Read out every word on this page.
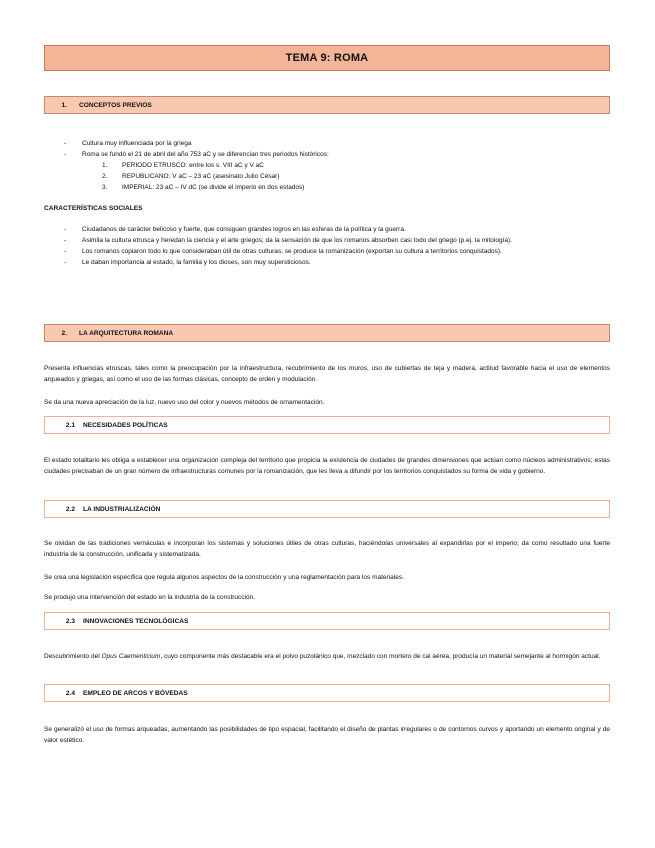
TEMA 9: ROMA
1. CONCEPTOS PREVIOS
- Cultura muy influenciada por la griega
- Roma se fundó el 21 de abril del año 753 aC y se diferencian tres periodos históricos:
1. PERIODO ETRUSCO: entre los s. VIII aC y V aC
2. REPUBLICANO: V aC – 23 aC (asesinato Julio César)
3. IMPERIAL: 23 aC – IV dC (se divide el imperio en dos estados)
CARACTERÍSTICAS SOCIALES
- Ciudadanos de carácter belicoso y fuerte, que consiguen grandes logros en las esferas de la política y la guerra.
- Asimila la cultura etrusca y heredan la ciencia y el arte griegos; da la sensación de que los romanos absorben casi todo del griego (p.ej. la mitología).
- Los romanos copiaron todo lo que consideraban útil de otras culturas; se produce la romanización (exportan su cultura a territorios conquistados).
- Le daban importancia al estado, la familia y los dioses, son muy supersticiosos.
2. LA ARQUITECTURA ROMANA

Presenta influencias etruscas, tales como la preocupación por la infraestructura, recubrimiento de los muros, uso de cubiertas de teja y madera, actitud favorable hacia el uso de elementos arqueados y griegas, así como el uso de las formas clásicas, concepto de orden y modulación.

Se da una nueva apreciación de la luz, nuevo uso del color y nuevos métodos de ornamentación.

2.1 NECESIDADES POLÍTICAS

El estado totalitario les obliga a establecer una organización compleja del territorio que propicia la existencia de ciudades de grandes dimensiones que actúan como núcleos administrativos; estas ciudades precisaban de un gran número de infraestructuras comunes por la romanización, que les lleva a difundir por los territorios conquistados su forma de vida y gobierno.

2.2 LA INDUSTRIALIZACIÓN

Se olvidan de las tradiciones vernáculas e incorporan los sistemas y soluciones útiles de otras culturas, haciéndolas universales al expandirlas por el imperio; da como resultado una fuerte industria de la construcción, unificada y sistematizada.

Se crea una legislación específica que regula algunos aspectos de la construcción y una reglamentación para los materiales.

Se produjo una intervención del estado en la industria de la construcción.

2.3 INNOVACIONES TECNOLÓGICAS

Descubrimiento del Opus Caementicium, cuyo componente más destacable era el polvo puzolánico que, mezclado con mortero de cal aérea, producía un material semejante al hormigón actual.

2.4 EMPLEO DE ARCOS Y BÓVEDAS

Se generalizó el uso de formas arqueadas, aumentando las posibilidades de tipo espacial, facilitando el diseño de plantas irregulares o de contornos curvos y aportando un elemento original y de valor estético.
